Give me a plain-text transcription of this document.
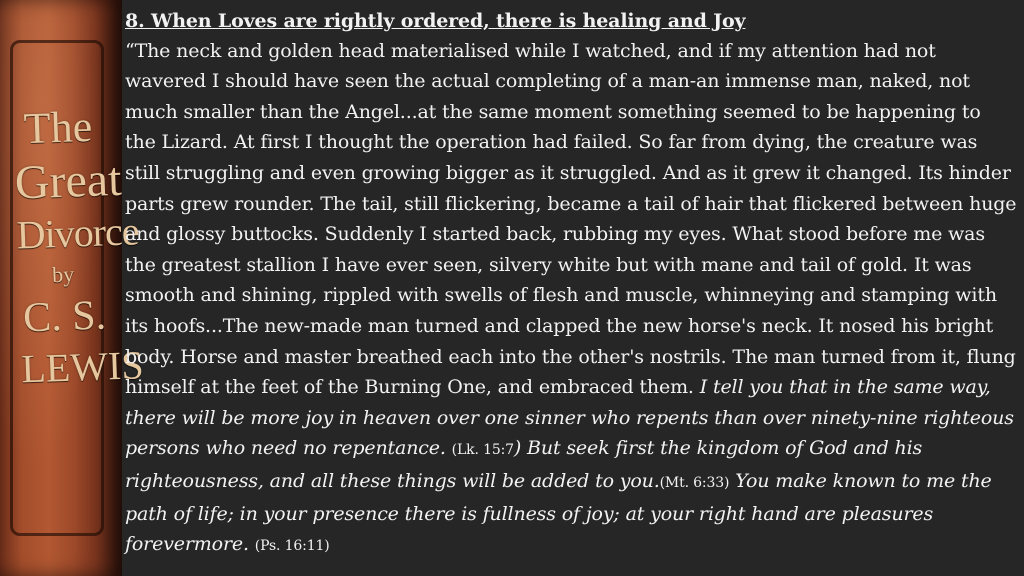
The
Great
Divorce
by
C. S.
LEWIS
8. When Loves are rightly ordered, there is healing and Joy
“The neck and golden head materialised while I watched, and if my attention had not wavered I should have seen the actual completing of a man-an immense man, naked, not much smaller than the Angel...at the same moment something seemed to be happening to the Lizard. At first I thought the operation had failed. So far from dying, the creature was still struggling and even growing bigger as it struggled. And as it grew it changed. Its hinder parts grew rounder. The tail, still flickering, became a tail of hair that flickered between huge and glossy buttocks. Suddenly I started back, rubbing my eyes. What stood before me was the greatest stallion I have ever seen, silvery white but with mane and tail of gold. It was smooth and shining, rippled with swells of flesh and muscle, whinneying and stamping with its hoofs...The new-made man turned and clapped the new horse's neck. It nosed his bright body. Horse and master breathed each into the other's nostrils. The man turned from it, flung himself at the feet of the Burning One, and embraced them. I tell you that in the same way, there will be more joy in heaven over one sinner who repents than over ninety-nine righteous persons who need no repentance. (Lk. 15:7) But seek first the kingdom of God and his righteousness, and all these things will be added to you.(Mt. 6:33) You make known to me the path of life; in your presence there is fullness of joy; at your right hand are pleasures forevermore. (Ps. 16:11)
